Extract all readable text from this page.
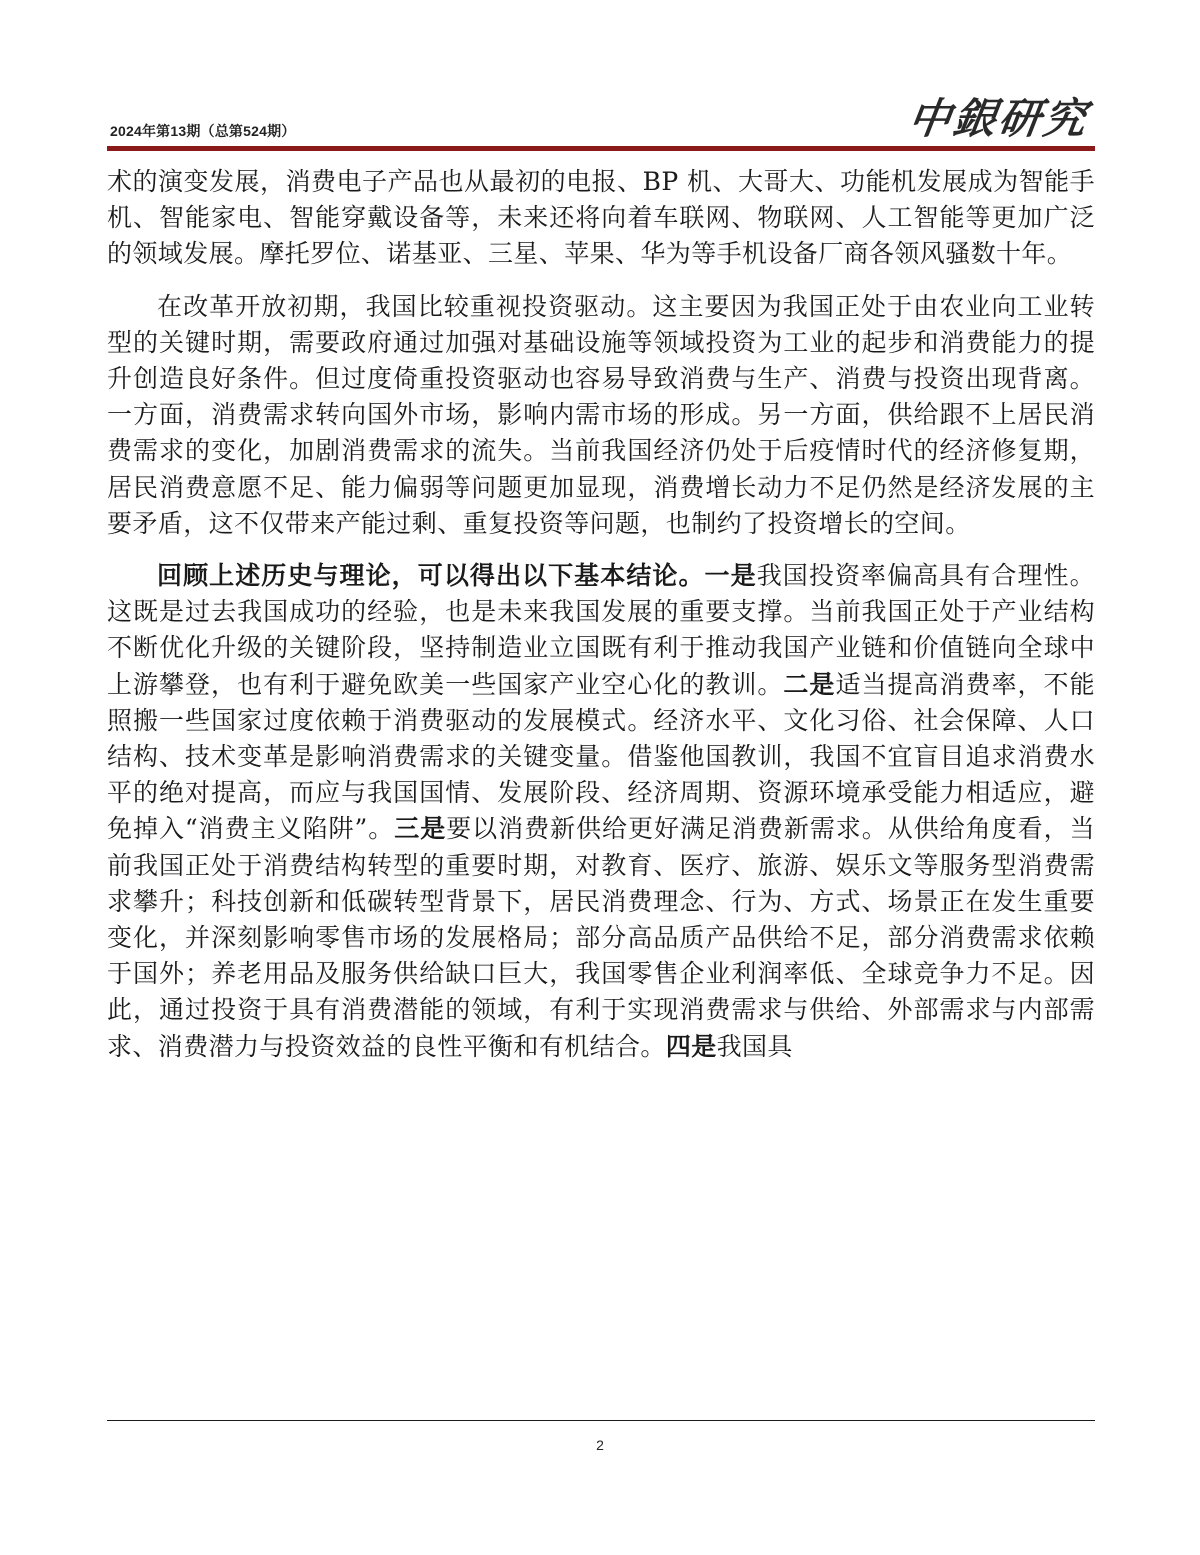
2024年第13期（总第524期）	中銀研究

术的演变发展，消费电子产品也从最初的电报、BP 机、大哥大、功能机发展成为智能手机、智能家电、智能穿戴设备等，未来还将向着车联网、物联网、人工智能等更加广泛的领域发展。摩托罗位、诺基亚、三星、苹果、华为等手机设备厂商各领风骚数十年。

在改革开放初期，我国比较重视投资驱动。这主要因为我国正处于由农业向工业转型的关键时期，需要政府通过加强对基础设施等领域投资为工业的起步和消费能力的提升创造良好条件。但过度倚重投资驱动也容易导致消费与生产、消费与投资出现背离。一方面，消费需求转向国外市场，影响内需市场的形成。另一方面，供给跟不上居民消费需求的变化，加剧消费需求的流失。当前我国经济仍处于后疫情时代的经济修复期，居民消费意愿不足、能力偏弱等问题更加显现，消费增长动力不足仍然是经济发展的主要矛盾，这不仅带来产能过剩、重复投资等问题，也制约了投资增长的空间。

回顾上述历史与理论，可以得出以下基本结论。一是我国投资率偏高具有合理性。这既是过去我国成功的经验，也是未来我国发展的重要支撑。当前我国正处于产业结构不断优化升级的关键阶段，坚持制造业立国既有利于推动我国产业链和价值链向全球中上游攀登，也有利于避免欧美一些国家产业空心化的教训。二是适当提高消费率，不能照搬一些国家过度依赖于消费驱动的发展模式。经济水平、文化习俗、社会保障、人口结构、技术变革是影响消费需求的关键变量。借鉴他国教训，我国不宜盲目追求消费水平的绝对提高，而应与我国国情、发展阶段、经济周期、资源环境承受能力相适应，避免掉入“消费主义陷阱”。三是要以消费新供给更好满足消费新需求。从供给角度看，当前我国正处于消费结构转型的重要时期，对教育、医疗、旅游、娱乐文等服务型消费需求攀升；科技创新和低碳转型背景下，居民消费理念、行为、方式、场景正在发生重要变化，并深刻影响零售市场的发展格局；部分高品质产品供给不足，部分消费需求依赖于国外；养老用品及服务供给缺口巨大，我国零售企业利润率低、全球竞争力不足。因此，通过投资于具有消费潜能的领域，有利于实现消费需求与供给、外部需求与内部需求、消费潜力与投资效益的良性平衡和有机结合。四是我国具

2
